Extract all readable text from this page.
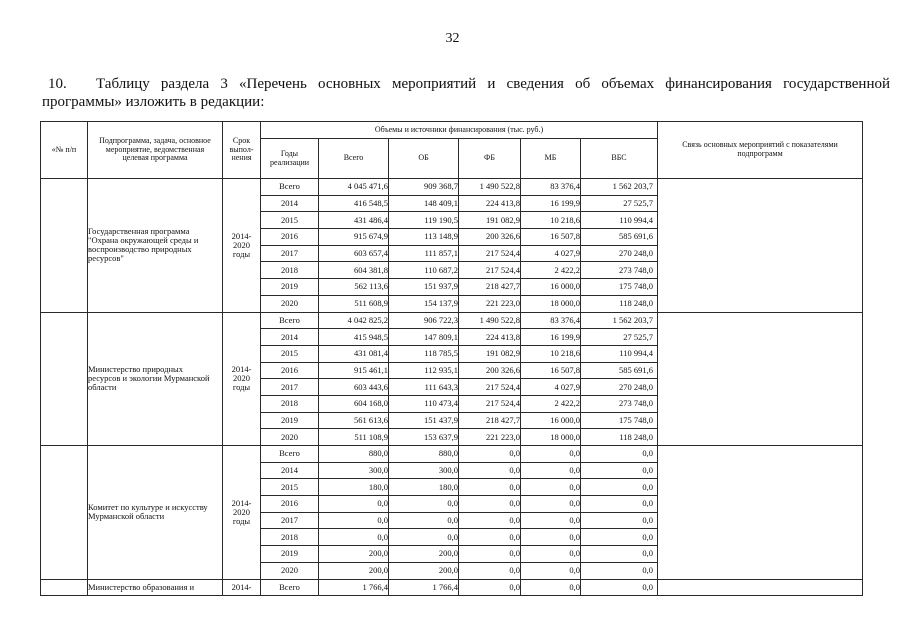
32
10.	Таблицу раздела 3 «Перечень основных мероприятий и сведения об объемах финансирования государственной
программы» изложить в редакции:
«№ п/п	Подпрограмма, задача, основное
мероприятие, ведомственная
целевая программа	Срок
выпол-
нения	Объемы и источники финансирования (тыс. руб.)						Связь основных мероприятий с показателями
подпрограмм

			Годы
реализации	Всего	ОБ	ФБ	МБ	ВБС	

	Государственная программа
"Охрана окружающей среды и
воспроизводство природных
ресурсов"	2014-
2020
годы	Всего	4 045 471,6	909 368,7	1 490 522,8	83 376,4	1 562 203,7	
			2014	416 548,5	148 409,1	224 413,8	16 199,9	27 525,7	
			2015	431 486,4	119 190,5	191 082,9	10 218,6	110 994,4	
			2016	915 674,9	113 148,9	200 326,6	16 507,8	585 691,6	
			2017	603 657,4	111 857,1	217 524,4	4 027,9	270 248,0	
			2018	604 381,8	110 687,2	217 524,4	2 422,2	273 748,0	
			2019	562 113,6	151 937,9	218 427,7	16 000,0	175 748,0	
			2020	511 608,9	154 137,9	221 223,0	18 000,0	118 248,0	

	Министерство природных
ресурсов и экологии Мурманской
области	2014-
2020
годы	Всего	4 042 825,2	906 722,3	1 490 522,8	83 376,4	1 562 203,7	
			2014	415 948,5	147 809,1	224 413,8	16 199,9	27 525,7	
			2015	431 081,4	118 785,5	191 082,9	10 218,6	110 994,4	
			2016	915 461,1	112 935,1	200 326,6	16 507,8	585 691,6	
			2017	603 443,6	111 643,3	217 524,4	4 027,9	270 248,0	
			2018	604 168,0	110 473,4	217 524,4	2 422,2	273 748,0	
			2019	561 613,6	151 437,9	218 427,7	16 000,0	175 748,0	
			2020	511 108,9	153 637,9	221 223,0	18 000,0	118 248,0	

	Комитет по культуре и искусству
Мурманской области	2014-
2020
годы	Всего	880,0	880,0	0,0	0,0	0,0	
			2014	300,0	300,0	0,0	0,0	0,0	
			2015	180,0	180,0	0,0	0,0	0,0	
			2016	0,0	0,0	0,0	0,0	0,0	
			2017	0,0	0,0	0,0	0,0	0,0	
			2018	0,0	0,0	0,0	0,0	0,0	
			2019	200,0	200,0	0,0	0,0	0,0	
			2020	200,0	200,0	0,0	0,0	0,0	

	Министерство образования и	2014-	Всего	1 766,4	1 766,4	0,0	0,0	0,0	
